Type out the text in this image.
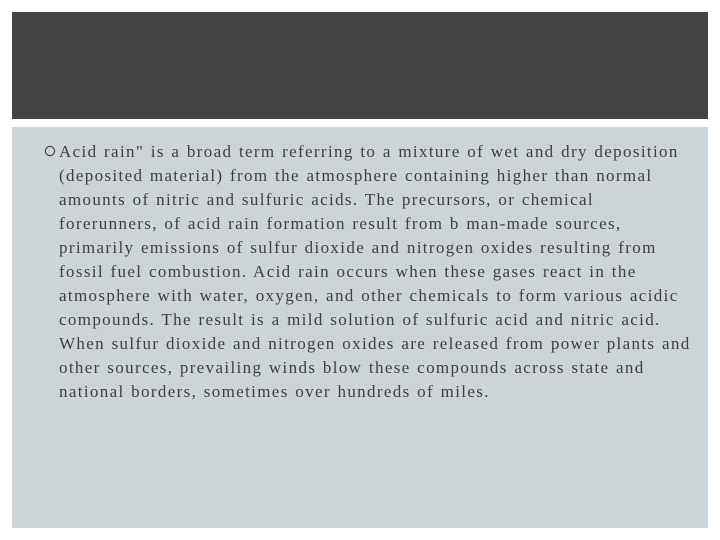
Acid rain" is a broad term referring to a mixture of wet and dry deposition (deposited material) from the atmosphere containing higher than normal amounts of nitric and sulfuric acids. The precursors, or chemical forerunners, of acid rain formation result from b man-made sources, primarily emissions of sulfur dioxide and nitrogen oxides resulting from fossil fuel combustion. Acid rain occurs when these gases react in the atmosphere with water, oxygen, and other chemicals to form various acidic compounds. The result is a mild solution of sulfuric acid and nitric acid. When sulfur dioxide and nitrogen oxides are released from power plants and other sources, prevailing winds blow these compounds across state and national borders, sometimes over hundreds of miles.
